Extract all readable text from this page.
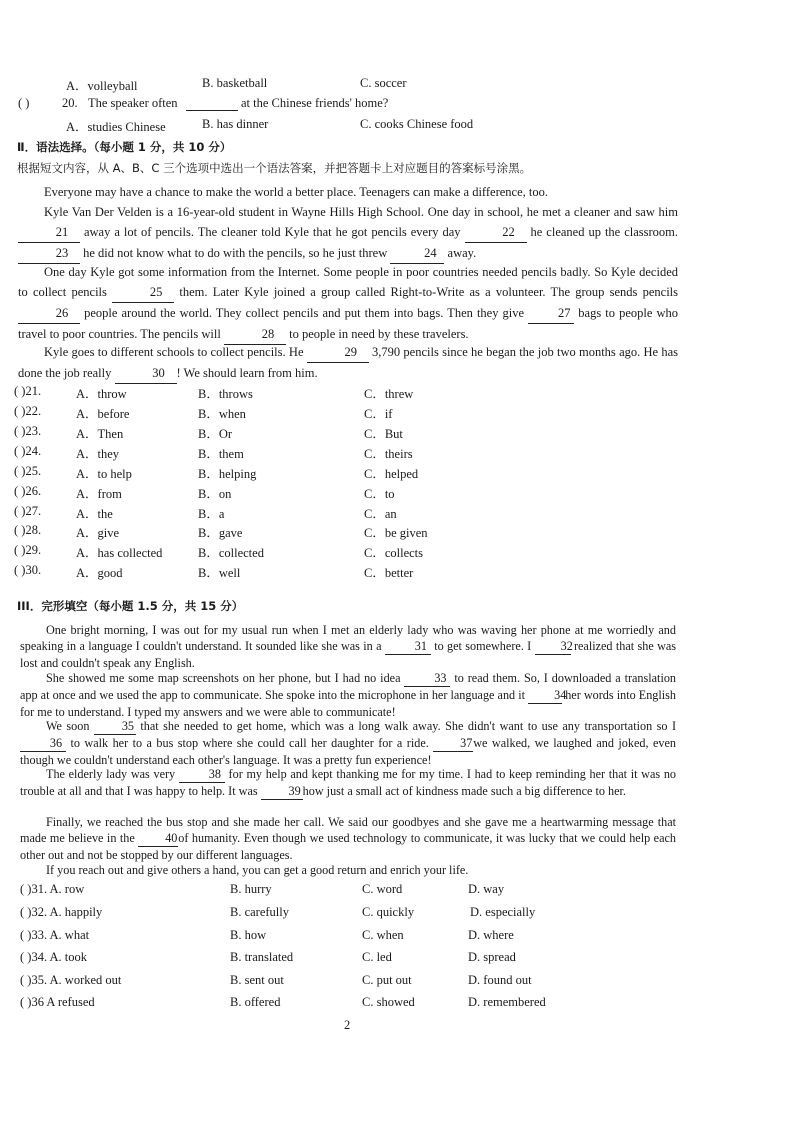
A．volleyball	B. basketball	C. soccer
( )	20. The speaker often	at the Chinese friends' home?
A．studies Chinese	B. has dinner	C. cooks Chinese food
Ⅱ．语法选择。（每小题 1 分，共 10 分）
根据短文内容，从 A、B、C 三个选项中选出一个语法答案，并把答题卡上对应题目的答案标号涂黑。
Everyone may have a chance to make the world a better place. Teenagers can make a difference, too.
Kyle Van Der Velden is a 16-year-old student in Wayne Hills High School. One day in school, he met a cleaner and saw him 21 away a lot of pencils. The cleaner told Kyle that he got pencils every day	22 he cleaned up the classroom. 23 he did not know what to do with the pencils, so he just threw	24 away.
One day Kyle got some information from the Internet. Some people in poor countries needed pencils badly. So Kyle decided to collect pencils	25 them. Later Kyle joined a group called Right-to-Write as a volunteer. The group sends pencils 26 people around the world. They collect pencils and put them into bags. Then they give	27 bags to people who travel to poor countries. The pencils will	28 to people in need by these travelers.
Kyle goes to different schools to collect pencils. He	29 3,790 pencils since he began the job two months ago. He has done the job really	30 ! We should learn from him.
( )21.	A．throw	B．throws	C．threw
( )22.	A．before	B．when	C．if
( )23.	A．Then	B．Or	C．But
( )24.	A．they	B．them	C．theirs
( )25.	A．to help	B．helping	C．helped
( )26.	A．from	B．on	C．to
( )27.	A．the	B．a	C．an
( )28.	A．give	B．gave	C．be given
( )29.	A．has collected	B．collected	C．collects
( )30.	A．good	B．well	C．better
III．完形填空（每小题 1.5 分，共 15 分）
One bright morning, I was out for my usual run when I met an elderly lady who was waving her phone at me worriedly and speaking in a language I couldn't understand. It sounded like she was in a	31 to get somewhere. I 32 realized that she was lost and couldn't speak any English.
She showed me some map screenshots on her phone, but I had no idea	33 to read them. So, I downloaded a translation app at once and we used the app to communicate. She spoke into the microphone in her language and it 34 her words into English for me to understand. I typed my answers and we were able to communicate!
We soon	35 that she needed to get home, which was a long walk away. She didn't want to use any transportation so I 36 to walk her to a bus stop where she could call her daughter for a ride.	37we walked, we laughed and joked, even though we couldn't understand each other's language. It was a pretty fun experience!
The elderly lady was very	38 for my help and kept thanking me for my time. I had to keep reminding her that it was no trouble at all and that I was happy to help. It was	39 how just a small act of kindness made such a big difference to her.
Finally, we reached the bus stop and she made her call. We said our goodbyes and she gave me a heartwarming message that made me believe in the 40of humanity. Even though we used technology to communicate, it was lucky that we could help each other out and not be stopped by our different languages.
If you reach out and give others a hand, you can get a good return and enrich your life.
( )31. A. row	B. hurry	C. word	D. way
( )32. A. happily	B. carefully	C. quickly	D. especially
( )33. A. what	B. how	C. when	D. where
( )34. A. took	B. translated	C. led	D. spread
( )35. A. worked out	B. sent out	C. put out	D. found out
( )36 A refused	B. offered	C. showed	D. remembered
2
